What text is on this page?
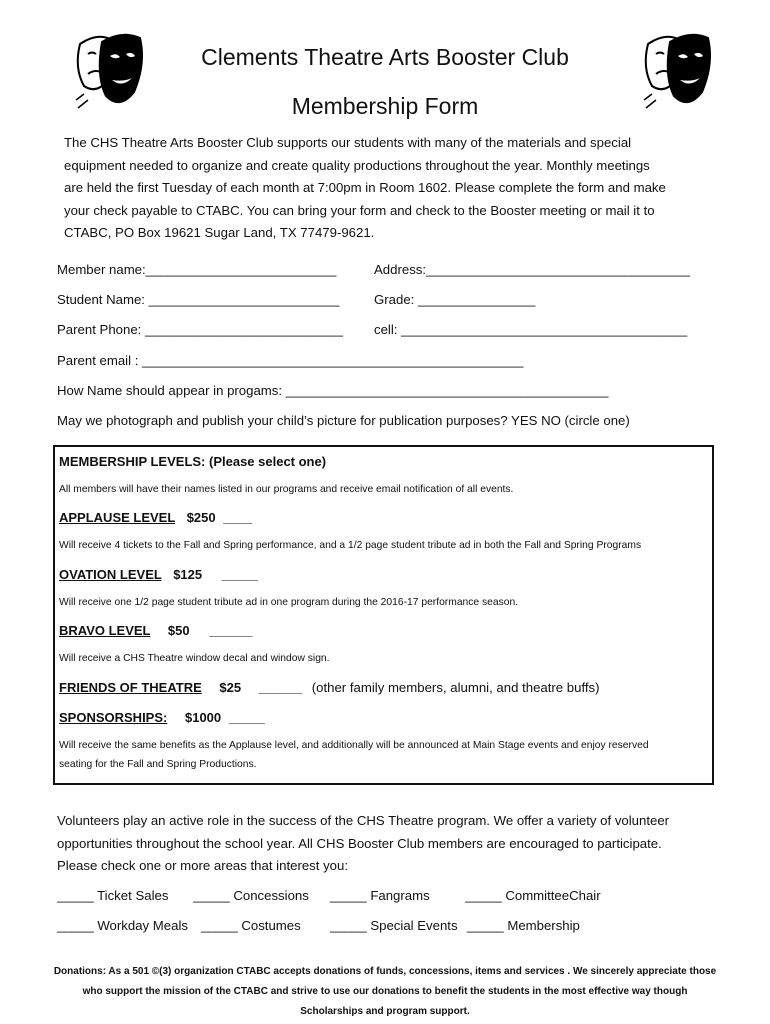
Clements Theatre Arts Booster Club
Membership Form
The CHS Theatre Arts Booster Club supports our students with many of the materials and special
equipment needed to organize and create quality productions throughout the year. Monthly meetings
are held the first Tuesday of each month at 7:00pm in Room 1602. Please complete the form and make
your check payable to CTABC. You can bring your form and check to the Booster meeting or mail it to
CTABC, PO Box 19621 Sugar Land, TX 77479-9621.
Member name:__________________________	Address:____________________________________
Student Name: __________________________	Grade: ________________
Parent Phone: ___________________________ cell: _______________________________________
Parent email : ____________________________________________________
How Name should appear in progams: ____________________________________________
May we photograph and publish your child’s picture for publication purposes? YES NO (circle one)
MEMBERSHIP LEVELS: (Please select one)
All members will have their names listed in our programs and receive email notification of all events.
APPLAUSE LEVEL $250 ____
Will receive 4 tickets to the Fall and Spring performance, and a 1/2 page student tribute ad in both the Fall and Spring Programs
OVATION LEVEL $125 _____
Will receive one 1/2 page student tribute ad in one program during the 2016-17 performance season.
BRAVO LEVEL $50 ______
Will receive a CHS Theatre window decal and window sign.
FRIENDS OF THEATRE $25 ______ (other family members, alumni, and theatre buffs)
SPONSORSHIPS: $1000 _____
Will receive the same benefits as the Applause level, and additionally will be announced at Main Stage events and enjoy reserved
seating for the Fall and Spring Productions.
Volunteers play an active role in the success of the CHS Theatre program. We offer a variety of volunteer
opportunities throughout the school year. All CHS Booster Club members are encouraged to participate.
Please check one or more areas that interest you:
_____ Ticket Sales _____ Concessions _____ Fangrams	_____ CommitteeChair
_____ Workday Meals _____ Costumes _____ Special Events _____ Membership
Donations: As a 501 ©(3) organization CTABC accepts donations of funds, concessions, items and services . We sincerely appreciate those
who support the mission of the CTABC and strive to use our donations to benefit the students in the most effective way though
Scholarships and program support.
